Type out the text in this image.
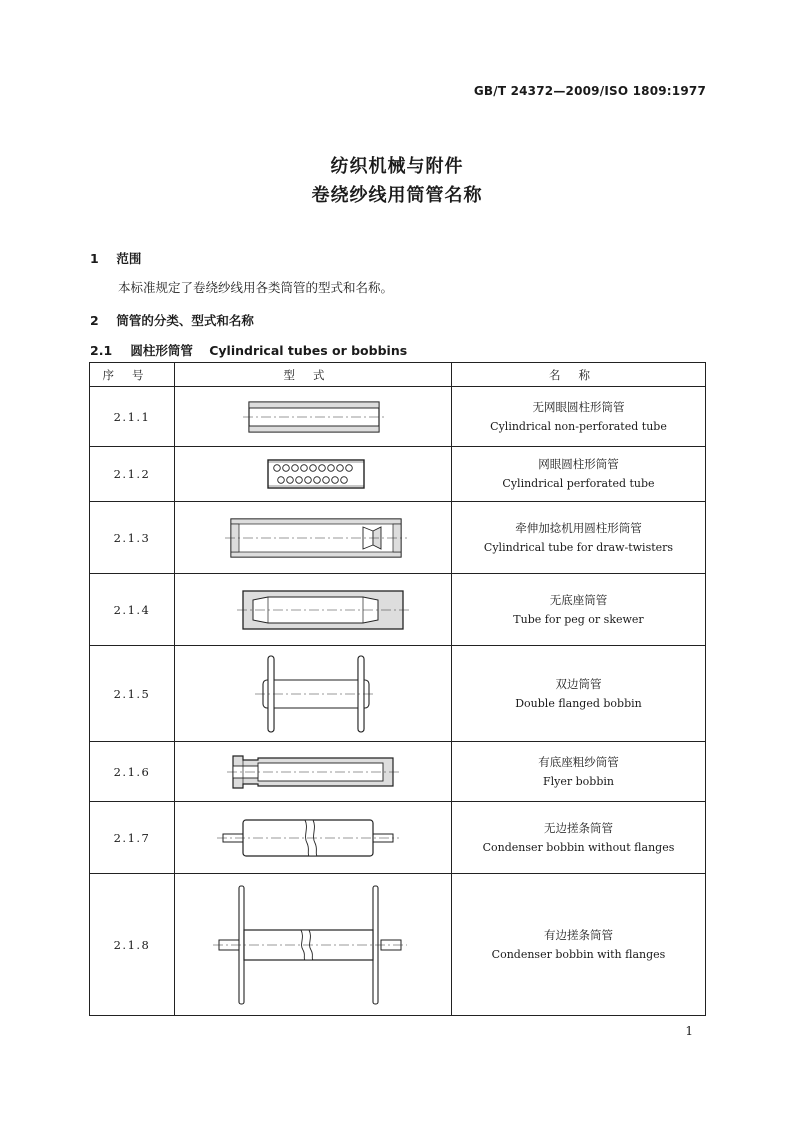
GB/T 24372—2009/ISO 1809:1977
纺织机械与附件
卷绕纱线用筒管名称
1 范围
本标准规定了卷绕纱线用各类筒管的型式和名称。
2 筒管的分类、型式和名称
2.1 圆柱形筒管 Cylindrical tubes or bobbins
序号	型式	名称
2.1.1		无网眼圆柱形筒管
Cylindrical non-perforated tube

2.1.2		网眼圆柱形筒管
Cylindrical perforated tube

2.1.3		牵伸加捻机用圆柱形筒管
Cylindrical tube for draw-twisters

2.1.4		无底座筒管
Tube for peg or skewer

2.1.5		双边筒管
Double flanged bobbin

2.1.6		有底座粗纱筒管
Flyer bobbin

2.1.7		无边搓条筒管
Condenser bobbin without flanges

2.1.8		有边搓条筒管
Condenser bobbin with flanges
1
